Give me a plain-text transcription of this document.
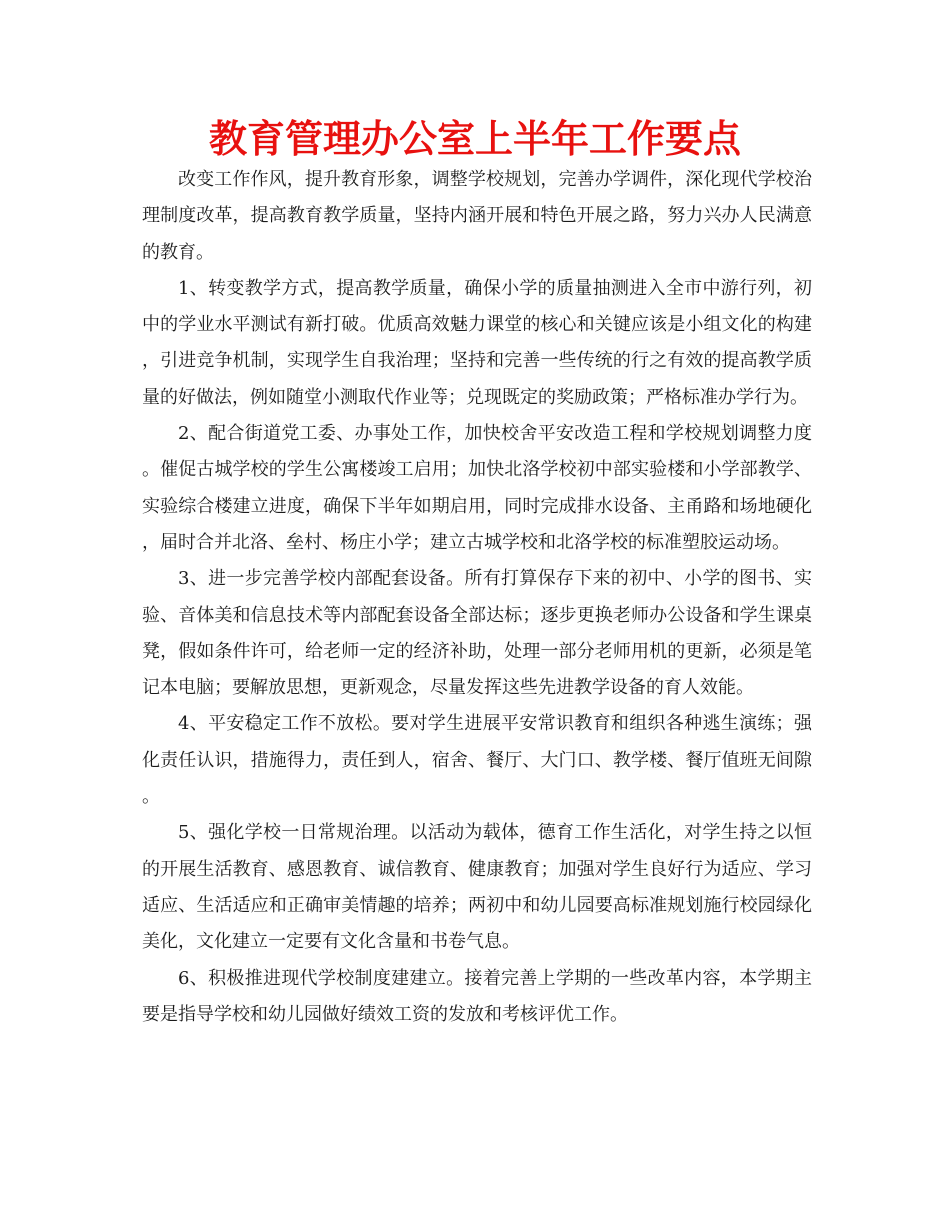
教育管理办公室上半年工作要点

改变工作作风，提升教育形象，调整学校规划，完善办学调件，深化现代学校治理制度改革，提高教育教学质量，坚持内涵开展和特色开展之路，努力兴办人民满意的教育。

1、转变教学方式，提高教学质量，确保小学的质量抽测进入全市中游行列，初中的学业水平测试有新打破。优质高效魅力课堂的核心和关键应该是小组文化的构建，引进竞争机制，实现学生自我治理；坚持和完善一些传统的行之有效的提高教学质量的好做法，例如随堂小测取代作业等；兑现既定的奖励政策；严格标准办学行为。

2、配合街道党工委、办事处工作，加快校舍平安改造工程和学校规划调整力度。催促古城学校的学生公寓楼竣工启用；加快北洛学校初中部实验楼和小学部教学、实验综合楼建立进度，确保下半年如期启用，同时完成排水设备、主甬路和场地硬化，届时合并北洛、垒村、杨庄小学；建立古城学校和北洛学校的标准塑胶运动场。

3、进一步完善学校内部配套设备。所有打算保存下来的初中、小学的图书、实验、音体美和信息技术等内部配套设备全部达标；逐步更换老师办公设备和学生课桌凳，假如条件许可，给老师一定的经济补助，处理一部分老师用机的更新，必须是笔记本电脑；要解放思想，更新观念，尽量发挥这些先进教学设备的育人效能。

4、平安稳定工作不放松。要对学生进展平安常识教育和组织各种逃生演练；强化责任认识，措施得力，责任到人，宿舍、餐厅、大门口、教学楼、餐厅值班无间隙。

5、强化学校一日常规治理。以活动为载体，德育工作生活化，对学生持之以恒的开展生活教育、感恩教育、诚信教育、健康教育；加强对学生良好行为适应、学习适应、生活适应和正确审美情趣的培养；两初中和幼儿园要高标准规划施行校园绿化美化，文化建立一定要有文化含量和书卷气息。

6、积极推进现代学校制度建建立。接着完善上学期的一些改革内容，本学期主要是指导学校和幼儿园做好绩效工资的发放和考核评优工作。
